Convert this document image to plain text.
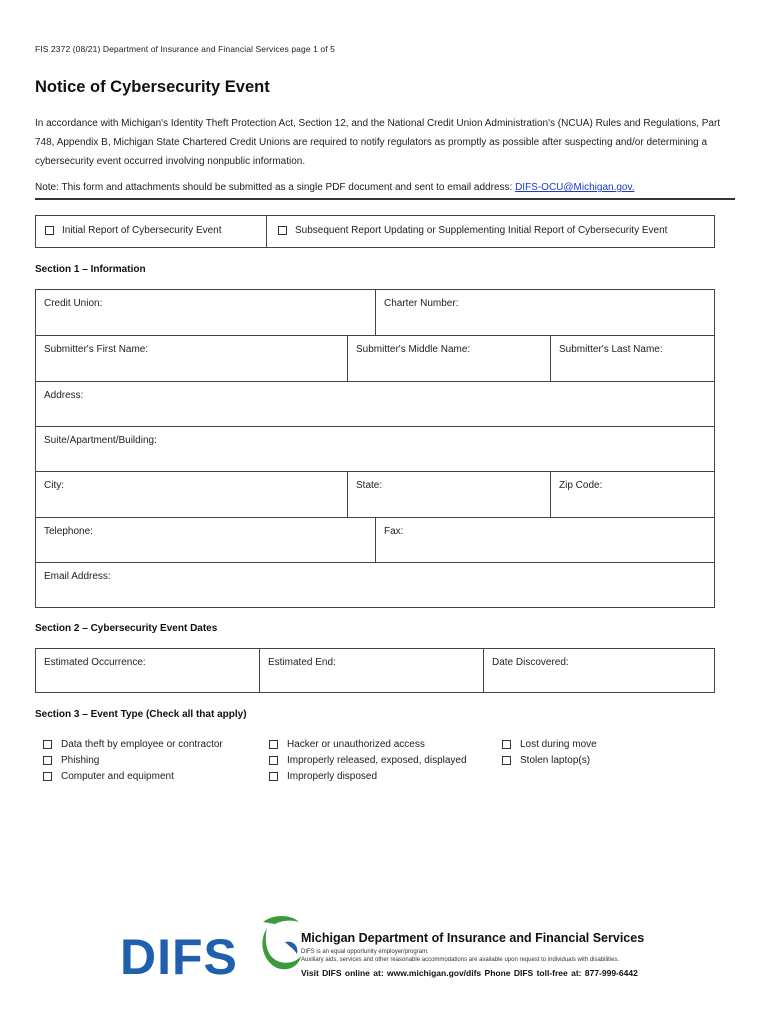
FIS 2372 (08/21) Department of Insurance and Financial Services page 1 of 5
Notice of Cybersecurity Event
In accordance with Michigan's Identity Theft Protection Act, Section 12, and the National Credit Union Administration's (NCUA) Rules and Regulations, Part
748, Appendix B, Michigan State Chartered Credit Unions are required to notify regulators as promptly as possible after suspecting and/or determining a
cybersecurity event occurred involving nonpublic information.
Note: This form and attachments should be submitted as a single PDF document and sent to email address: DIFS-OCU@Michigan.gov.
Initial Report of Cybersecurity Event	Subsequent Report Updating or Supplementing Initial Report of Cybersecurity Event
Section 1 – Information
Credit Union:	Charter Number:
Submitter's First Name:	Submitter's Middle Name:	Submitter's Last Name:
Address:
Suite/Apartment/Building:
City:	State:	Zip Code:
Telephone:	Fax:
Email Address:
Section 2 – Cybersecurity Event Dates
Estimated Occurrence:	Estimated End:	Date Discovered:
Section 3 – Event Type (Check all that apply)
Data theft by employee or contractor
Phishing
Computer and equipment
Hacker or unauthorized access
Improperly released, exposed, displayed
Improperly disposed
Lost during move
Stolen laptop(s)
DIFS	Michigan Department of Insurance and Financial Services
DIFS is an equal opportunity employer/program.
Auxiliary aids, services and other reasonable accommodations are available upon request to individuals with disabilities.
Visit DIFS online at: www.michigan.gov/difs Phone DIFS toll-free at: 877-999-6442
